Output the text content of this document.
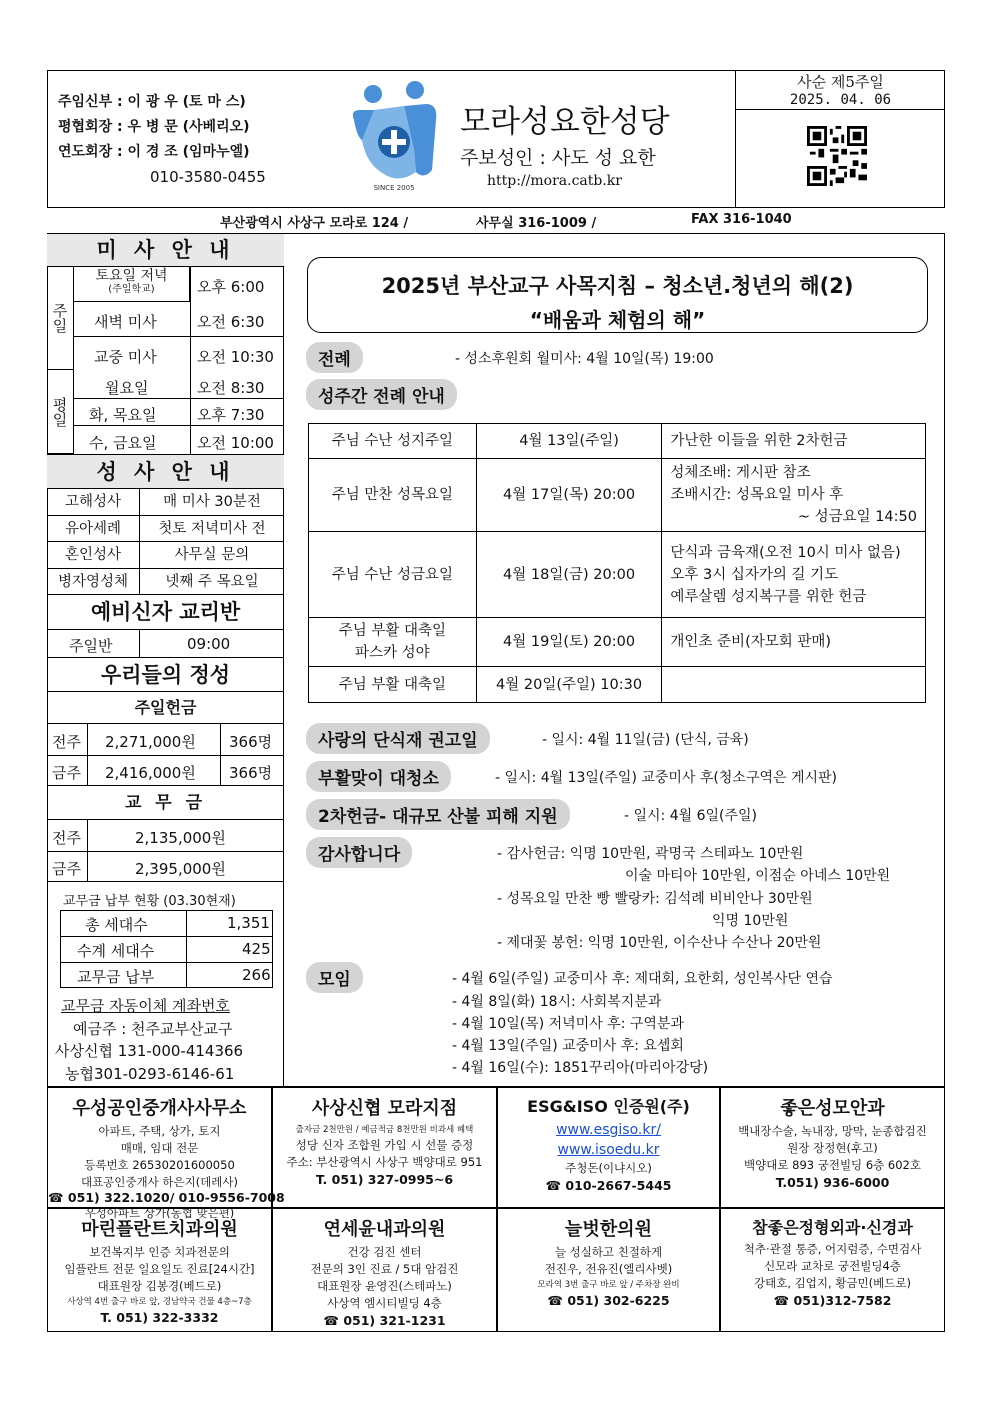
주임신부 : 이 광 우 (토 마 스)
평협회장 : 우 병 문 (사베리오)
연도회장 : 이 경 조 (임마누엘)
010-3580-0455
SINCE 2005
모라성요한성당
주보성인 : 사도 성 요한
http://mora.catb.kr
사순 제5주일
2025. 04. 06
부산광역시 사상구 모라로 124 /	사무실 316-1009 /	FAX 316-1040
미 사 안 내
주일
토요일 저녁
(주일학교)	오후 6:00
새벽 미사	오전 6:30
교중 미사	오전 10:30
평일
월요일	오전 8:30
화, 목요일	오후 7:30
수, 금요일	오전 10:00
성 사 안 내
고해성사	매 미사 30분전
유아세례	첫토 저녁미사 전
혼인성사	사무실 문의
병자영성체	넷째 주 목요일
예비신자 교리반
주일반	09:00
우리들의 정성
주일헌금
전주 2,271,000원 366명
금주 2,416,000원 366명
교 무 금
전주	2,135,000원
금주	2,395,000원
교무금 납부 현황 (03.30현재)
총 세대수	1,351
수계 세대수	425
교무금 납부	266
교무금 자동이체 계좌번호
예금주 : 천주교부산교구
사상신협 131-000-414366
농협301-0293-6146-61
2025년 부산교구 사목지침 – 청소년.청년의 해(2)
“배움과 체험의 해”
전례	- 성소후원회 월미사: 4월 10일(목) 19:00
성주간 전례 안내
주님 수난 성지주일	4월 13일(주일)	가난한 이들을 위한 2차헌금
주님 만찬 성목요일	4월 17일(목) 20:00	성체조배: 게시판 참조
조배시간: 성목요일 미사 후
~ 성금요일 14:50

주님 수난 성금요일	4월 18일(금) 20:00	단식과 금육재(오전 10시 미사 없음)
오후 3시 십자가의 길 기도
예루살렘 성지복구를 위한 헌금
주님 부활 대축일
파스카 성야	4월 19일(토) 20:00	개인초 준비(자모회 판매)
주님 부활 대축일	4월 20일(주일) 10:30	
사랑의 단식재 권고일	- 일시: 4월 11일(금) (단식, 금육)
부활맞이 대청소	- 일시: 4월 13일(주일) 교중미사 후(청소구역은 게시판)
2차헌금- 대규모 산불 피해 지원	- 일시: 4월 6일(주일)
감사합니다	- 감사헌금: 익명 10만원, 곽명국 스테파노 10만원
이술 마티아 10만원, 이점순 아네스 10만원
- 성목요일 만찬 빵 빨랑카: 김석례 비비안나 30만원
익명 10만원
- 제대꽃 봉헌: 익명 10만원, 이수산나 수산나 20만원
모임	- 4월 6일(주일) 교중미사 후: 제대회, 요한회, 성인복사단 연습
- 4월 8일(화) 18시: 사회복지분과
- 4월 10일(목) 저녁미사 후: 구역분과
- 4월 13일(주일) 교중미사 후: 요셉회
- 4월 16일(수): 1851꾸리아(마리아강당)
우성공인중개사사무소
아파트, 주택, 상가, 토지
매매, 임대 전문
등록번호 26530201600050
대표공인중개사 하은지(데레사)
☎ 051) 322.1020/ 010-9556-7008
우성아파트 상가(농협 맞은편)
사상신협 모라지점
출자금 2천만원 / 예금적금 8천만원 비과세 혜택
성당 신자 조합원 가입 시 선물 증정
주소: 부산광역시 사상구 백양대로 951
T. 051) 327-0995~6
ESG&ISO 인증원(주)
www.esgiso.kr/
www.isoedu.kr
주청돈(이냐시오)
☎ 010-2667-5445
좋은성모안과
백내장수술, 녹내장, 망막, 눈종합검진
원장 장정현(후고)
백양대로 893 궁전빌딩 6층 602호
T.051) 936-6000
마린플란트치과의원
보건복지부 인증 치과전문의
임플란트 전문 일요일도 진료[24시간]
대표원장 김봉경(베드로)
사상역 4번 출구 바로 앞, 경남약국 건물 4층~7층
T. 051) 322-3332
연세윤내과의원
건강 검진 센터
전문의 3인 진료 / 5대 암검진
대표원장 윤영진(스테파노)
사상역 엠시티빌딩 4층
☎ 051) 321-1231
늘벗한의원
늘 성실하고 친절하게
전진우, 전유진(엘리사벳)
모라역 3번 출구 바로 앞 / 주차장 완비
☎ 051) 302-6225
참좋은정형외과·신경과
척추·관절 통증, 어지럼증, 수면검사
신모라 교차로 궁전빌딩4층
강태호, 김업지, 황금민(베드로)
☎ 051)312-7582
